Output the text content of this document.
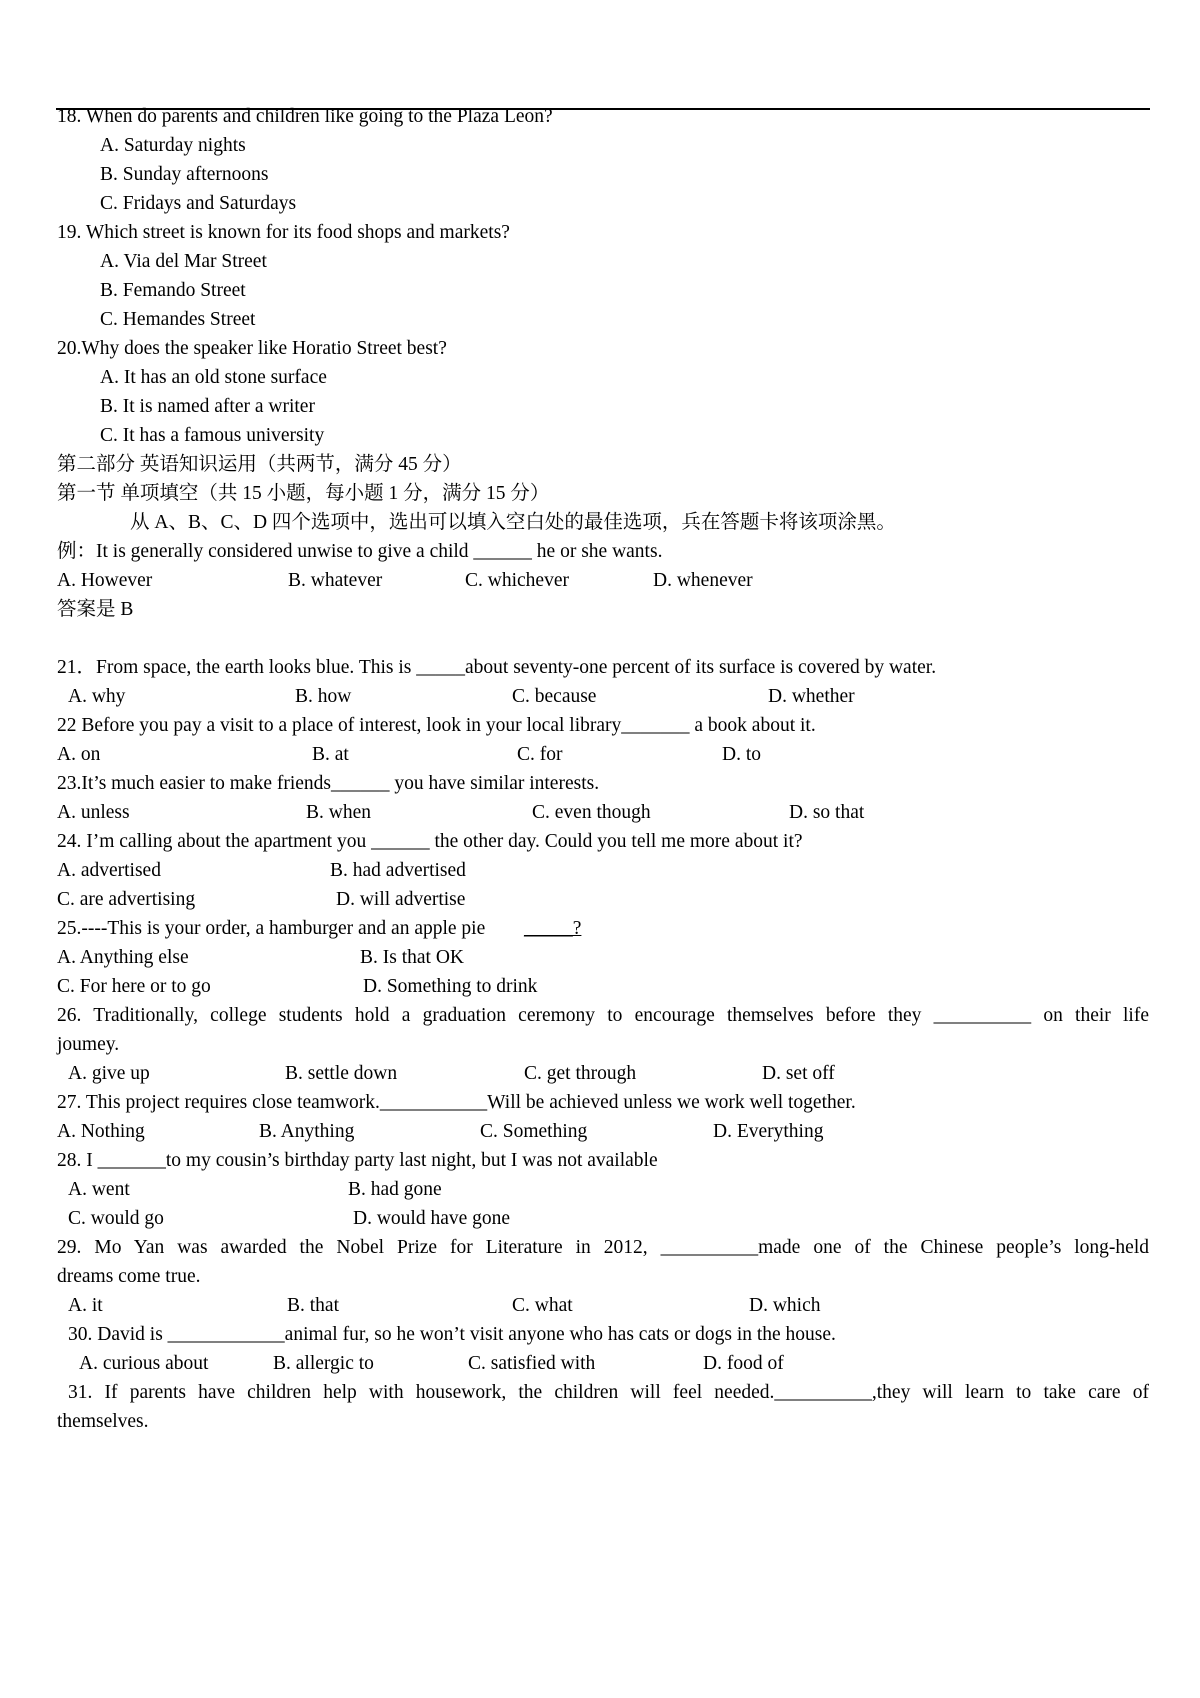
18. When do parents and children like going to the Plaza Leon?
A. Saturday nights
B. Sunday afternoons
C. Fridays and Saturdays
19. Which street is known for its food shops and markets?
A. Via del Mar Street
B. Femando Street
C. Hemandes Street
20.Why does the speaker like Horatio Street best?
A. It has an old stone surface
B. It is named after a writer
C. It has a famous university
第二部分 英语知识运用（共两节，满分 45 分）
第一节 单项填空（共 15 小题，每小题 1 分，满分 15 分）
从 A、B、C、D 四个选项中，选出可以填入空白处的最佳选项，兵在答题卡将该项涂黑。
例：It is generally considered unwise to give a child ______ he or she wants.
A. However	B. whatever	C. whichever	D. whenever
答案是 B
21．From space, the earth looks blue. This is _____about seventy-one percent of its surface is covered by water.
A. why	B. how	C. because	D. whether
22 Before you pay a visit to a place of interest, look in your local library_______ a book about it.
A. on	B. at	C. for	D. to
23.It’s much easier to make friends______ you have similar interests.
A. unless	B. when	C. even though	D. so that
24. I’m calling about the apartment you ______ the other day. Could you tell me more about it?
A. advertised	B. had advertised
C. are advertising	D. will advertise
25.----This is your order, a hamburger and an apple pie _____?
A. Anything else	B. Is that OK
C. For here or to go	D. Something to drink
26. Traditionally, college students hold a graduation ceremony to encourage themselves before they __________ on their life
joumey.
A. give up	B. settle down	C. get through	D. set off
27. This project requires close teamwork.___________Will be achieved unless we work well together.
A. Nothing	B. Anything	C. Something	D. Everything
28. I _______to my cousin’s birthday party last night, but I was not available
A. went	B. had gone
C. would go	D. would have gone
29. Mo Yan was awarded the Nobel Prize for Literature in 2012, __________made one of the Chinese people’s long-held
dreams come true.
A. it	B. that	C. what	D. which
30. David is ____________animal fur, so he won’t visit anyone who has cats or dogs in the house.
A. curious about	B. allergic to	C. satisfied with	D. food of
31. If parents have children help with housework, the children will feel needed.__________,they will learn to take care of
themselves.
